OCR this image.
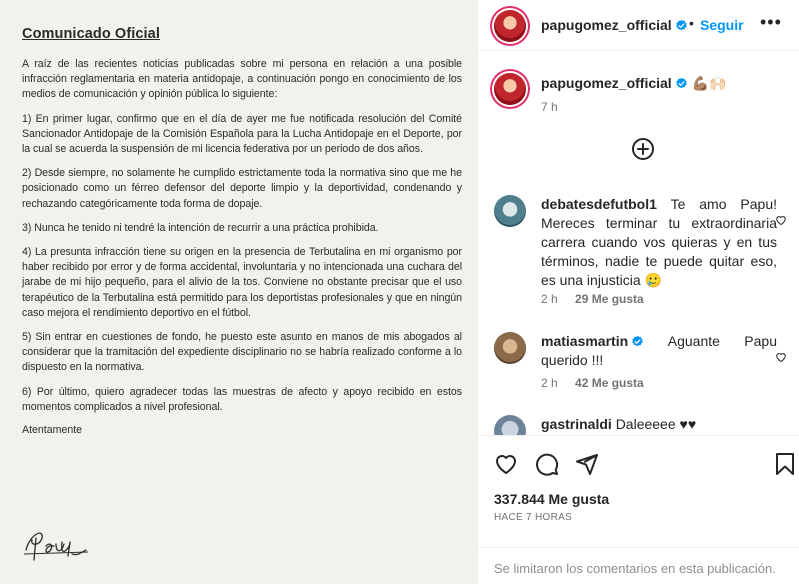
Comunicado Oficial

A raíz de las recientes noticias publicadas sobre mi persona en relación a una posible infracción reglamentaria en materia antidopaje, a continuación pongo en conocimiento de los medios de comunicación y opinión pública lo siguiente:

1) En primer lugar, confirmo que en el día de ayer me fue notificada resolución del Comité Sancionador Antidopaje de la Comisión Española para la Lucha Antidopaje en el Deporte, por la cual se acuerda la suspensión de mi licencia federativa por un periodo de dos años.

2) Desde siempre, no solamente he cumplido estrictamente toda la normativa sino que me he posicionado como un férreo defensor del deporte limpio y la deportividad, condenando y rechazando categóricamente toda forma de dopaje.

3) Nunca he tenido ni tendré la intención de recurrir a una práctica prohibida.

4) La presunta infracción tiene su origen en la presencia de Terbutalina en mi organismo por haber recibido por error y de forma accidental, involuntaria y no intencionada una cuchara del jarabe de mi hijo pequeño, para el alivio de la tos. Conviene no obstante precisar que el uso terapéutico de la Terbutalina está permitido para los deportistas profesionales y que en ningún caso mejora el rendimiento deportivo en el fútbol.

5) Sin entrar en cuestiones de fondo, he puesto este asunto en manos de mis abogados al considerar que la tramitación del expediente disciplinario no se habría realizado conforme a lo dispuesto en la normativa.

6) Por último, quiero agradecer todas las muestras de afecto y apoyo recibido en estos momentos complicados a nivel profesional.

Atentamente
papugomez_official	• Seguir •••
papugomez_official 💪🏽🙌🏻
7 h
debatesdefutbol1 Te amo Papu! Mereces terminar tu extraordinaria carrera cuando vos quieras y en tus términos, nadie te puede quitar eso, es una injusticia 🥲
2 h 29 Me gusta
matiasmartin	Aguante Papu querido !!!
2 h 42 Me gusta
gastrinaldi Daleeeee ♥♥
337.844 Me gusta
HACE 7 HORAS
Se limitaron los comentarios en esta publicación.
